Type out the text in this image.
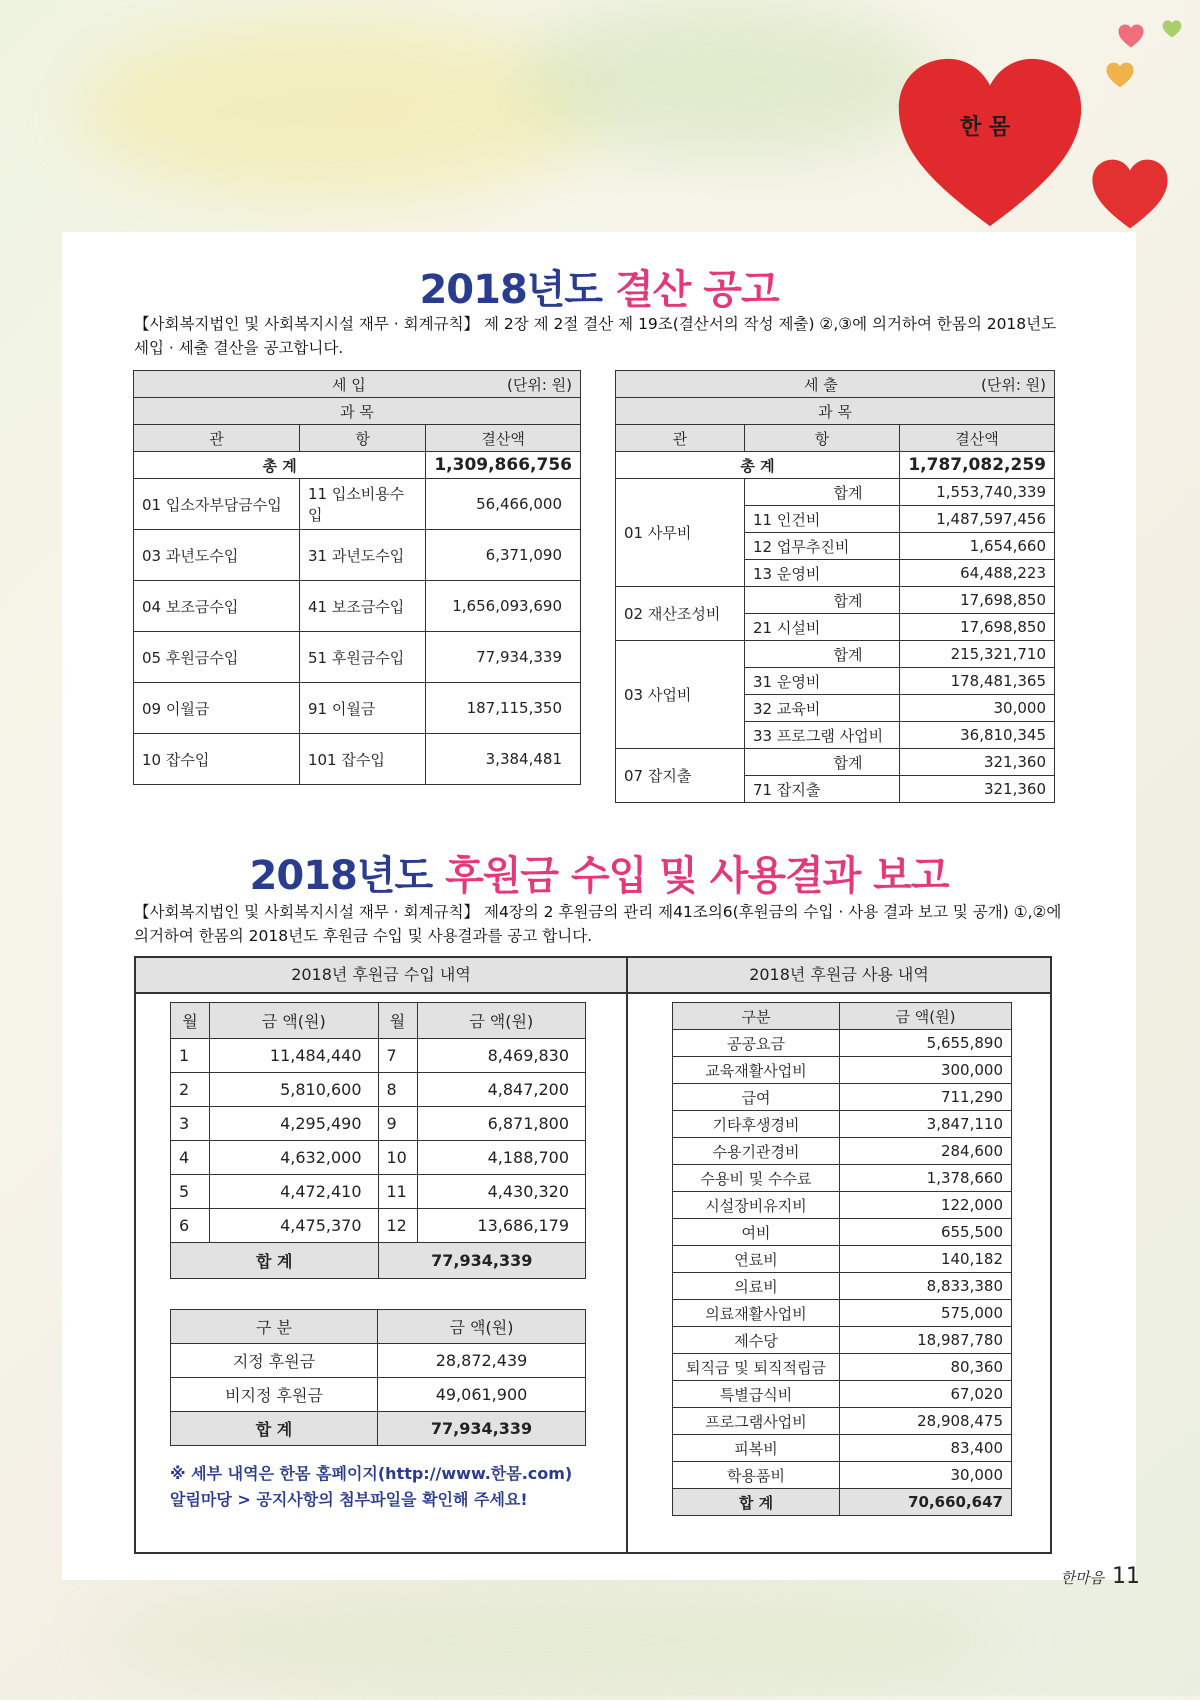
한 몸
2018년도 결산 공고
【사회복지법인 및 사회복지시설 재무 · 회계규칙】 제 2장 제 2절 결산 제 19조(결산서의 작성 제출) ②,③에 의거하여 한몸의 2018년도 세입 · 세출 결산을 공고합니다.
세 입 (단위: 원)		

과 목		
관	항	결산액
총 계		1,309,866,756
01 입소자부담금수입	11 입소비용수입	56,466,000
03 과년도수입	31 과년도수입	6,371,090
04 보조금수입	41 보조금수입	1,656,093,690
05 후원금수입	51 후원금수입	77,934,339
09 이월금	91 이월금	187,115,350
10 잡수입	101 잡수입	3,384,481
세 출 (단위: 원)		

과 목		
관	항	결산액
총 계		1,787,082,259
01 사무비	합계	1,553,740,339
	11 인건비	1,487,597,456
	12 업무추진비	1,654,660
	13 운영비	64,488,223
02 재산조성비	합계	17,698,850
	21 시설비	17,698,850
03 사업비	합계	215,321,710
	31 운영비	178,481,365
	32 교육비	30,000
	33 프로그램 사업비	36,810,345
07 잡지출	합계	321,360
	71 잡지출	321,360
2018년도 후원금 수입 및 사용결과 보고
【사회복지법인 및 사회복지시설 재무 · 회계규칙】 제4장의 2 후원금의 관리 제41조의6(후원금의 수입 · 사용 결과 보고 및 공개) ①,②에 의거하여 한몸의 2018년도 후원금 수입 및 사용결과를 공고 합니다.
2018년 후원금 수입 내역	2018년 후원금 사용 내역
월	금 액(원)	월	금 액(원)
1	11,484,440	7	8,469,830
2	5,810,600	8	4,847,200
3	4,295,490	9	6,871,800
4	4,632,000	10	4,188,700
5	4,472,410	11	4,430,320
6	4,475,370	12	13,686,179
합 계		77,934,339	
구 분	금 액(원)
지정 후원금	28,872,439
비지정 후원금	49,061,900
합 계	77,934,339
※ 세부 내역은 한몸 홈페이지(http://www.한몸.com)
알림마당 > 공지사항의 첨부파일을 확인해 주세요!
구분	금 액(원)
공공요금	5,655,890
교육재활사업비	300,000
급여	711,290
기타후생경비	3,847,110
수용기관경비	284,600
수용비 및 수수료	1,378,660
시설장비유지비	122,000
여비	655,500
연료비	140,182
의료비	8,833,380
의료재활사업비	575,000
제수당	18,987,780
퇴직금 및 퇴직적립금	80,360
특별급식비	67,020
프로그램사업비	28,908,475
피복비	83,400
학용품비	30,000
합 계	70,660,647
한마음 11
